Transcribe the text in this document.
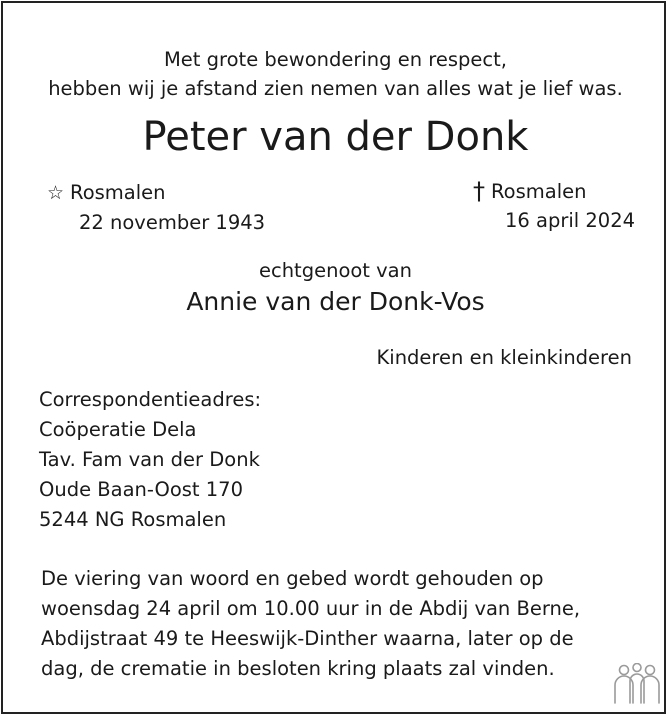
Met grote bewondering en respect,
hebben wij je afstand zien nemen van alles wat je lief was.
Peter van der Donk
☆ Rosmalen
22 november 1943
† Rosmalen
16 april 2024
echtgenoot van
Annie van der Donk-Vos
Kinderen en kleinkinderen
Correspondentieadres:
Coöperatie Dela
Tav. Fam van der Donk
Oude Baan-Oost 170
5244 NG Rosmalen
De viering van woord en gebed wordt gehouden op
woensdag 24 april om 10.00 uur in de Abdij van Berne,
Abdijstraat 49 te Heeswijk-Dinther waarna, later op de
dag, de crematie in besloten kring plaats zal vinden.
